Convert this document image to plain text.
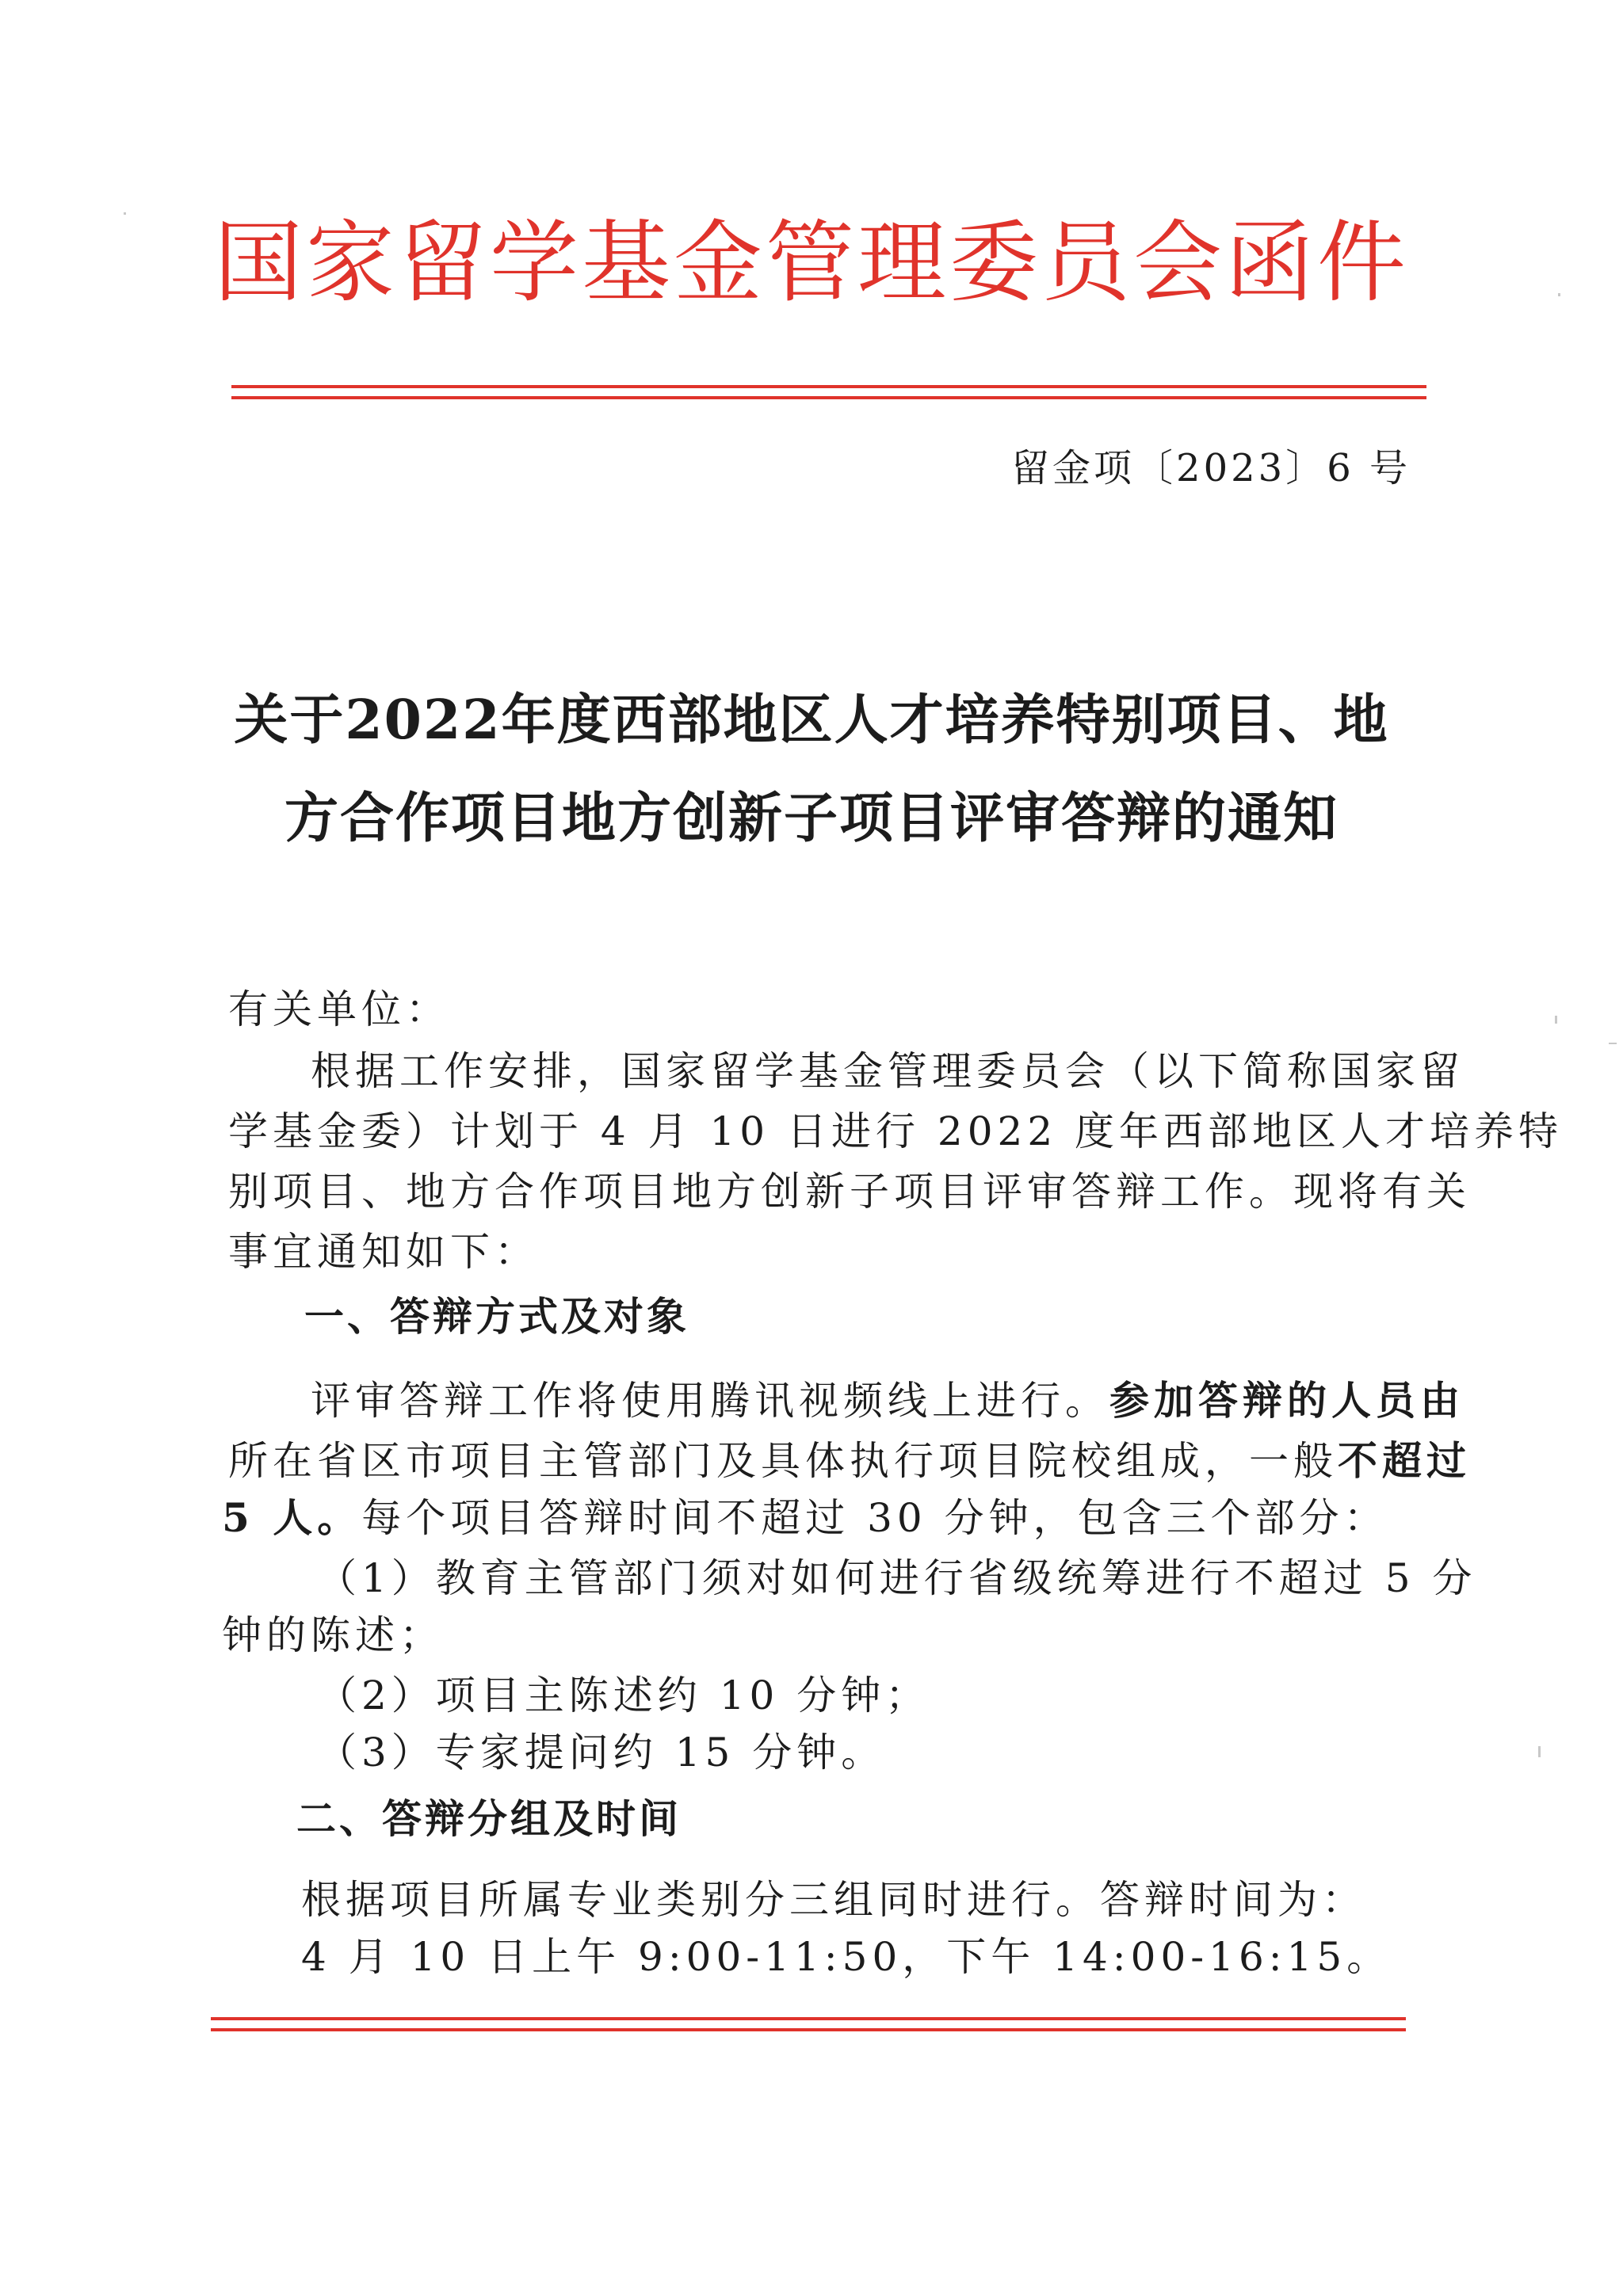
国家留学基金管理委员会函件
留金项〔2023〕6 号
关于2022年度西部地区人才培养特别项目、地
方合作项目地方创新子项目评审答辩的通知
有关单位：
根据工作安排，国家留学基金管理委员会（以下简称国家留
学基金委）计划于 4 月 10 日进行 2022 度年西部地区人才培养特
别项目、地方合作项目地方创新子项目评审答辩工作。现将有关
事宜通知如下：
一、答辩方式及对象
评审答辩工作将使用腾讯视频线上进行。参加答辩的人员由
所在省区市项目主管部门及具体执行项目院校组成，一般不超过
5 人。每个项目答辩时间不超过 30 分钟，包含三个部分：
（1）教育主管部门须对如何进行省级统筹进行不超过 5 分
钟的陈述；
（2）项目主陈述约 10 分钟；
（3）专家提问约 15 分钟。
二、答辩分组及时间
根据项目所属专业类别分三组同时进行。答辩时间为：
4 月 10 日上午 9:00-11:50，下午 14:00-16:15。
